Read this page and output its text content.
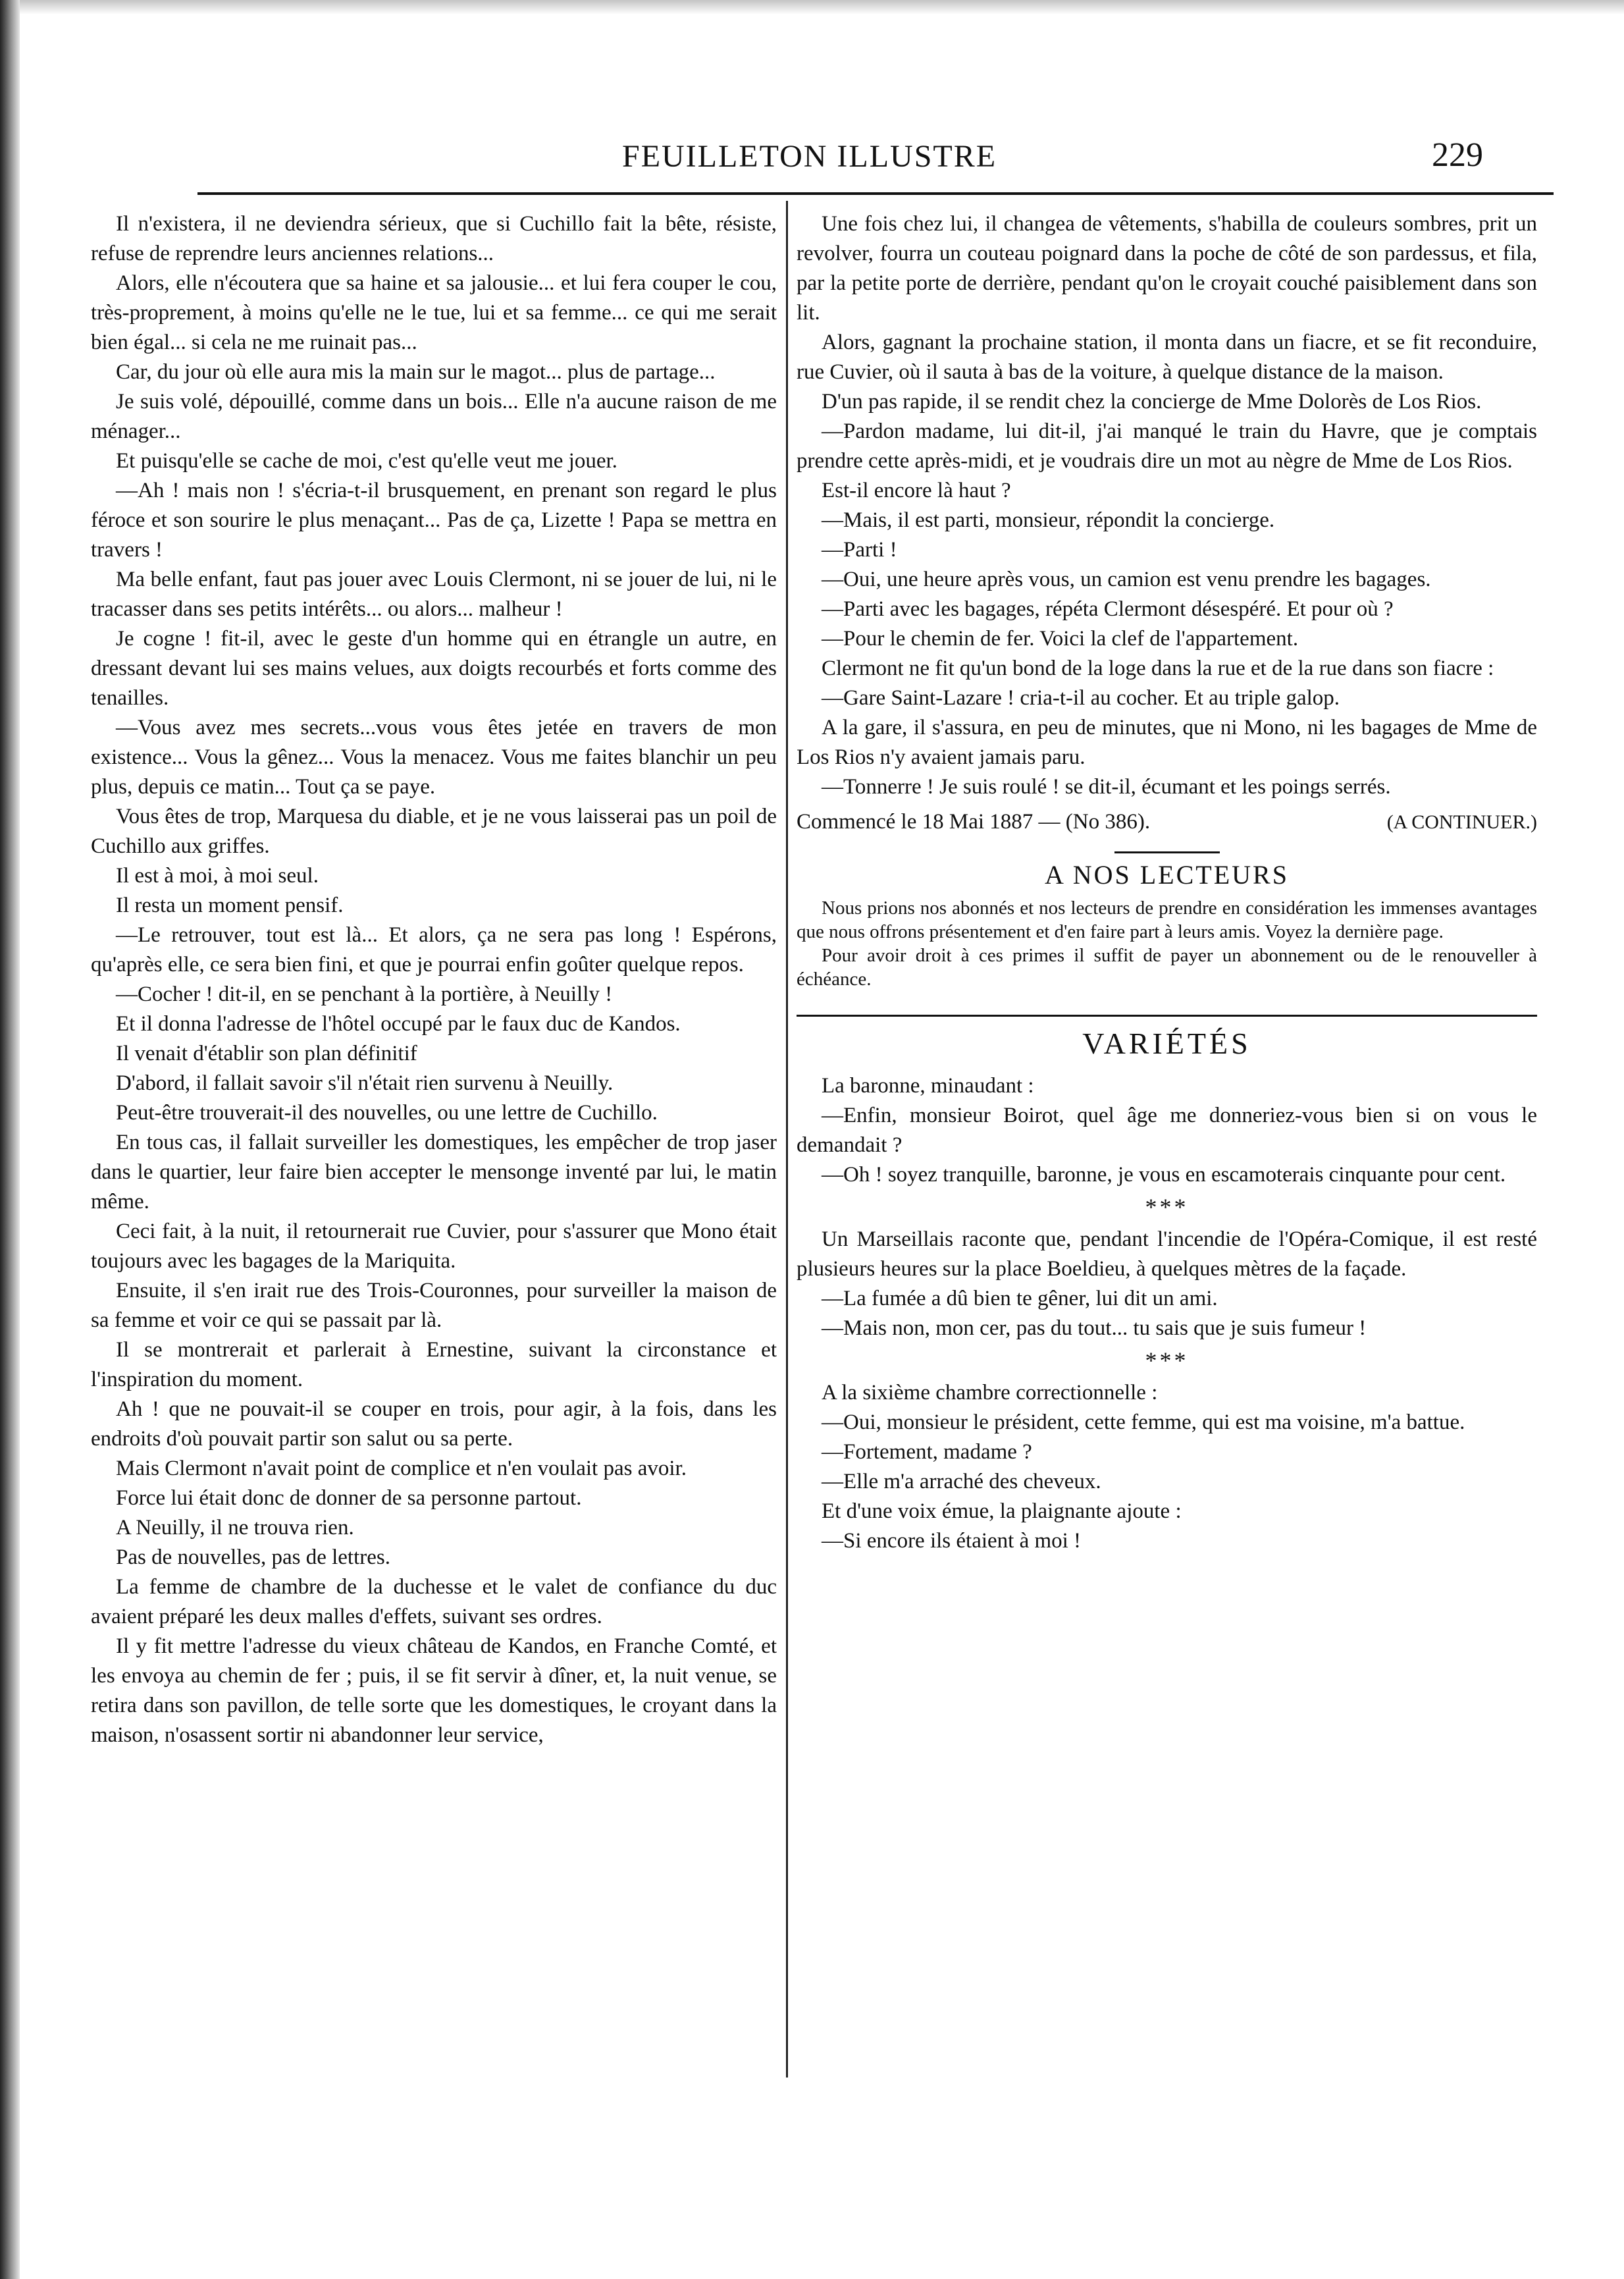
FEUILLETON ILLUSTRE	229

Il n'existera, il ne deviendra sérieux, que si Cuchillo fait la bête, résiste, refuse de reprendre leurs anciennes relations...

Alors, elle n'écoutera que sa haine et sa jalousie... et lui fera couper le cou, très-proprement, à moins qu'elle ne le tue, lui et sa femme... ce qui me serait bien égal... si cela ne me ruinait pas...

Car, du jour où elle aura mis la main sur le magot... plus de partage...

Je suis volé, dépouillé, comme dans un bois... Elle n'a aucune raison de me ménager...

Et puisqu'elle se cache de moi, c'est qu'elle veut me jouer.

—Ah ! mais non ! s'écria-t-il brusquement, en prenant son regard le plus féroce et son sourire le plus menaçant... Pas de ça, Lizette ! Papa se mettra en travers !

Ma belle enfant, faut pas jouer avec Louis Clermont, ni se jouer de lui, ni le tracasser dans ses petits intérêts... ou alors... malheur !

Je cogne ! fit-il, avec le geste d'un homme qui en étrangle un autre, en dressant devant lui ses mains velues, aux doigts recourbés et forts comme des tenailles.

—Vous avez mes secrets...vous vous êtes jetée en travers de mon existence... Vous la gênez... Vous la menacez. Vous me faites blanchir un peu plus, depuis ce matin... Tout ça se paye.

Vous êtes de trop, Marquesa du diable, et je ne vous laisserai pas un poil de Cuchillo aux griffes.

Il est à moi, à moi seul.

Il resta un moment pensif.

—Le retrouver, tout est là... Et alors, ça ne sera pas long ! Espérons, qu'après elle, ce sera bien fini, et que je pourrai enfin goûter quelque repos.

—Cocher ! dit-il, en se penchant à la portière, à Neuilly !

Et il donna l'adresse de l'hôtel occupé par le faux duc de Kandos.

Il venait d'établir son plan définitif

D'abord, il fallait savoir s'il n'était rien survenu à Neuilly.

Peut-être trouverait-il des nouvelles, ou une lettre de Cuchillo.

En tous cas, il fallait surveiller les domestiques, les empêcher de trop jaser dans le quartier, leur faire bien accepter le mensonge inventé par lui, le matin même.

Ceci fait, à la nuit, il retournerait rue Cuvier, pour s'assurer que Mono était toujours avec les bagages de la Mariquita.

Ensuite, il s'en irait rue des Trois-Couronnes, pour surveiller la maison de sa femme et voir ce qui se passait par là.

Il se montrerait et parlerait à Ernestine, suivant la circonstance et l'inspiration du moment.

Ah ! que ne pouvait-il se couper en trois, pour agir, à la fois, dans les endroits d'où pouvait partir son salut ou sa perte.

Mais Clermont n'avait point de complice et n'en voulait pas avoir.

Force lui était donc de donner de sa personne partout.

A Neuilly, il ne trouva rien.

Pas de nouvelles, pas de lettres.

La femme de chambre de la duchesse et le valet de confiance du duc avaient préparé les deux malles d'effets, suivant ses ordres.

Il y fit mettre l'adresse du vieux château de Kandos, en Franche Comté, et les envoya au chemin de fer ; puis, il se fit servir à dîner, et, la nuit venue, se retira dans son pavillon, de telle sorte que les domestiques, le croyant dans la maison, n'osassent sortir ni abandonner leur service,

Une fois chez lui, il changea de vêtements, s'habilla de couleurs sombres, prit un revolver, fourra un couteau poignard dans la poche de côté de son pardessus, et fila, par la petite porte de derrière, pendant qu'on le croyait couché paisiblement dans son lit.

Alors, gagnant la prochaine station, il monta dans un fiacre, et se fit reconduire, rue Cuvier, où il sauta à bas de la voiture, à quelque distance de la maison.

D'un pas rapide, il se rendit chez la concierge de Mme Dolorès de Los Rios.

—Pardon madame, lui dit-il, j'ai manqué le train du Havre, que je comptais prendre cette après-midi, et je voudrais dire un mot au nègre de Mme de Los Rios.

Est-il encore là haut ?

—Mais, il est parti, monsieur, répondit la concierge.

—Parti !

—Oui, une heure après vous, un camion est venu prendre les bagages.

—Parti avec les bagages, répéta Clermont désespéré. Et pour où ?

—Pour le chemin de fer. Voici la clef de l'appartement.

Clermont ne fit qu'un bond de la loge dans la rue et de la rue dans son fiacre :

—Gare Saint-Lazare ! cria-t-il au cocher. Et au triple galop.

A la gare, il s'assura, en peu de minutes, que ni Mono, ni les bagages de Mme de Los Rios n'y avaient jamais paru.

—Tonnerre ! Je suis roulé ! se dit-il, écumant et les poings serrés.

Commencé le 18 Mai 1887 — (No 386).	(A CONTINUER.)
A NOS LECTEURS

Nous prions nos abonnés et nos lecteurs de prendre en considération les immenses avantages que nous offrons présentement et d'en faire part à leurs amis. Voyez la dernière page.

Pour avoir droit à ces primes il suffit de payer un abonnement ou de le renouveller à échéance.

VARIÉTÉS

La baronne, minaudant :

—Enfin, monsieur Boirot, quel âge me donneriez-vous bien si on vous le demandait ?

—Oh ! soyez tranquille, baronne, je vous en escamoterais cinquante pour cent.

***

Un Marseillais raconte que, pendant l'incendie de l'Opéra-Comique, il est resté plusieurs heures sur la place Boeldieu, à quelques mètres de la façade.

—La fumée a dû bien te gêner, lui dit un ami.

—Mais non, mon cer, pas du tout... tu sais que je suis fumeur !

***

A la sixième chambre correctionnelle :

—Oui, monsieur le président, cette femme, qui est ma voisine, m'a battue.

—Fortement, madame ?

—Elle m'a arraché des cheveux.

Et d'une voix émue, la plaignante ajoute :

—Si encore ils étaient à moi !
